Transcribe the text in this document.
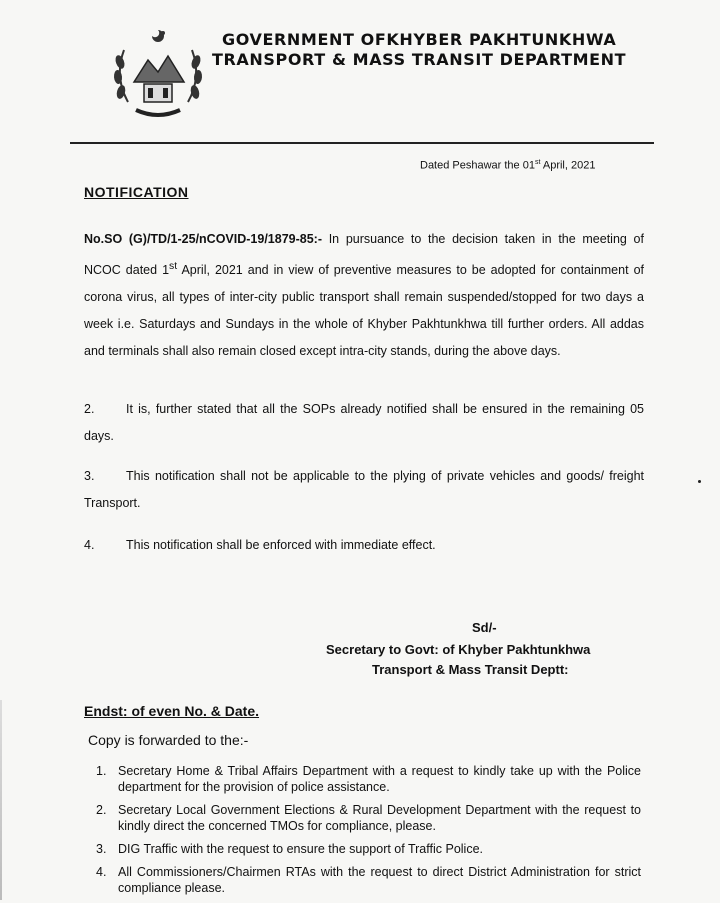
GOVERNMENT OFKHYBER PAKHTUNKHWA
TRANSPORT & MASS TRANSIT DEPARTMENT
Dated Peshawar the 01st April, 2021
NOTIFICATION
No.SO (G)/TD/1-25/nCOVID-19/1879-85:- In pursuance to the decision taken in the meeting of NCOC dated 1st April, 2021 and in view of preventive measures to be adopted for containment of corona virus, all types of inter-city public transport shall remain suspended/stopped for two days a week i.e. Saturdays and Sundays in the whole of Khyber Pakhtunkhwa till further orders. All addas and terminals shall also remain closed except intra-city stands, during the above days.
2.	It is, further stated that all the SOPs already notified shall be ensured in the remaining 05 days.
3.	This notification shall not be applicable to the plying of private vehicles and goods/ freight Transport.
4.	This notification shall be enforced with immediate effect.
Sd/-
Secretary to Govt: of Khyber Pakhtunkhwa
Transport & Mass Transit Deptt:
Endst: of even No. & Date.
Copy is forwarded to the:-
1. Secretary Home & Tribal Affairs Department with a request to kindly take up with the Police department for the provision of police assistance.
2. Secretary Local Government Elections & Rural Development Department with the request to kindly direct the concerned TMOs for compliance, please.
3. DIG Traffic with the request to ensure the support of Traffic Police.
4. All Commissioners/Chairmen RTAs with the request to direct District Administration for strict compliance please.
